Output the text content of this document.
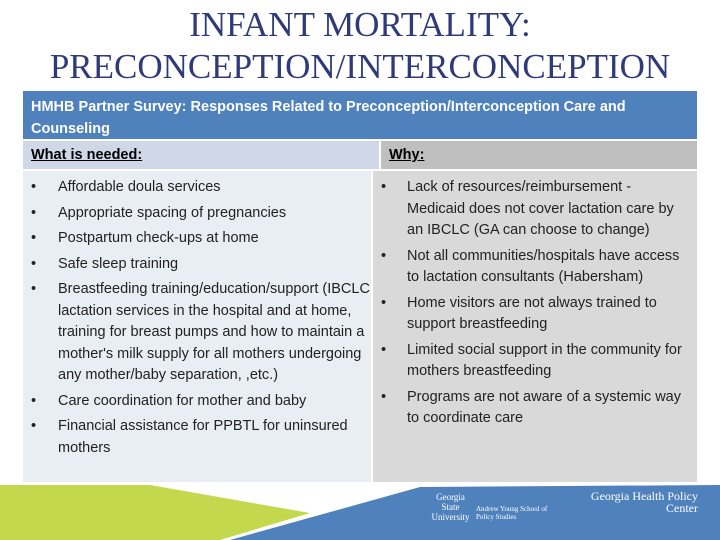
INFANT MORTALITY: PRECONCEPTION/INTERCONCEPTION
HMHB Partner Survey: Responses Related to Preconception/Interconception Care and Counseling
What is needed:	Why:
• Affordable doula services
• Appropriate spacing of pregnancies
• Postpartum check-ups at home
• Safe sleep training
• Breastfeeding training/education/support (IBCLC lactation services in the hospital and at home, training for breast pumps and how to maintain a mother's milk supply for all mothers undergoing any mother/baby separation, ,etc.)
• Care coordination for mother and baby
• Financial assistance for PPBTL for uninsured mothers
• Lack of resources/reimbursement - Medicaid does not cover lactation care by an IBCLC (GA can choose to change)
• Not all communities/hospitals have access to lactation consultants (Habersham)
• Home visitors are not always trained to support breastfeeding
• Limited social support in the community for mothers breastfeeding
• Programs are not aware of a systemic way to coordinate care
Georgia State University
Andrew Young School of Policy Studies
Georgia Health Policy Center
